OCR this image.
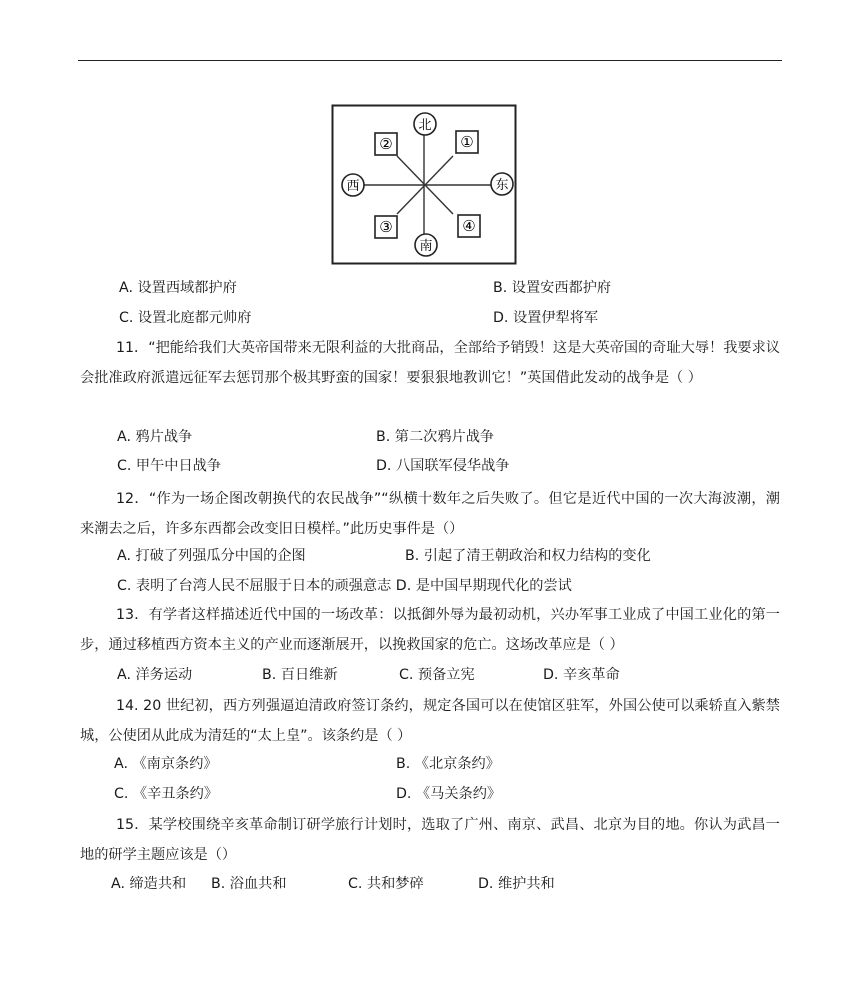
北
南
西	东
①
②
③	④
A. 设置西域都护府	B. 设置安西都护府
C. 设置北庭都元帅府	D. 设置伊犁将军
11．“把能给我们大英帝国带来无限利益的大批商品，全部给予销毁！这是大英帝国的奇耻大辱！我要求议会批准政府派遣远征军去惩罚那个极其野蛮的国家！要狠狠地教训它！”英国借此发动的战争是（ ）
A. 鸦片战争	B. 第二次鸦片战争
C. 甲午中日战争	D. 八国联军侵华战争
12．“作为一场企图改朝换代的农民战争”“纵横十数年之后失败了。但它是近代中国的一次大海波潮，潮来潮去之后，许多东西都会改变旧日模样。”此历史事件是（）
A. 打破了列强瓜分中国的企图	B. 引起了清王朝政治和权力结构的变化
C. 表明了台湾人民不屈服于日本的顽强意志 D. 是中国早期现代化的尝试
13．有学者这样描述近代中国的一场改革：以抵御外辱为最初动机，兴办军事工业成了中国工业化的第一步，通过移植西方资本主义的产业而逐渐展开，以挽救国家的危亡。这场改革应是（ ）
A. 洋务运动	B. 百日维新	C. 预备立宪	D. 辛亥革命
14. 20 世纪初，西方列强逼迫清政府签订条约，规定各国可以在使馆区驻军，外国公使可以乘轿直入紫禁城，公使团从此成为清廷的“太上皇”。该条约是（ ）
A. 《南京条约》	B. 《北京条约》
C. 《辛丑条约》	D. 《马关条约》
15．某学校围绕辛亥革命制订研学旅行计划时，选取了广州、南京、武昌、北京为目的地。你认为武昌一地的研学主题应该是（）
A. 缔造共和 B. 浴血共和	C. 共和梦碎	D. 维护共和
